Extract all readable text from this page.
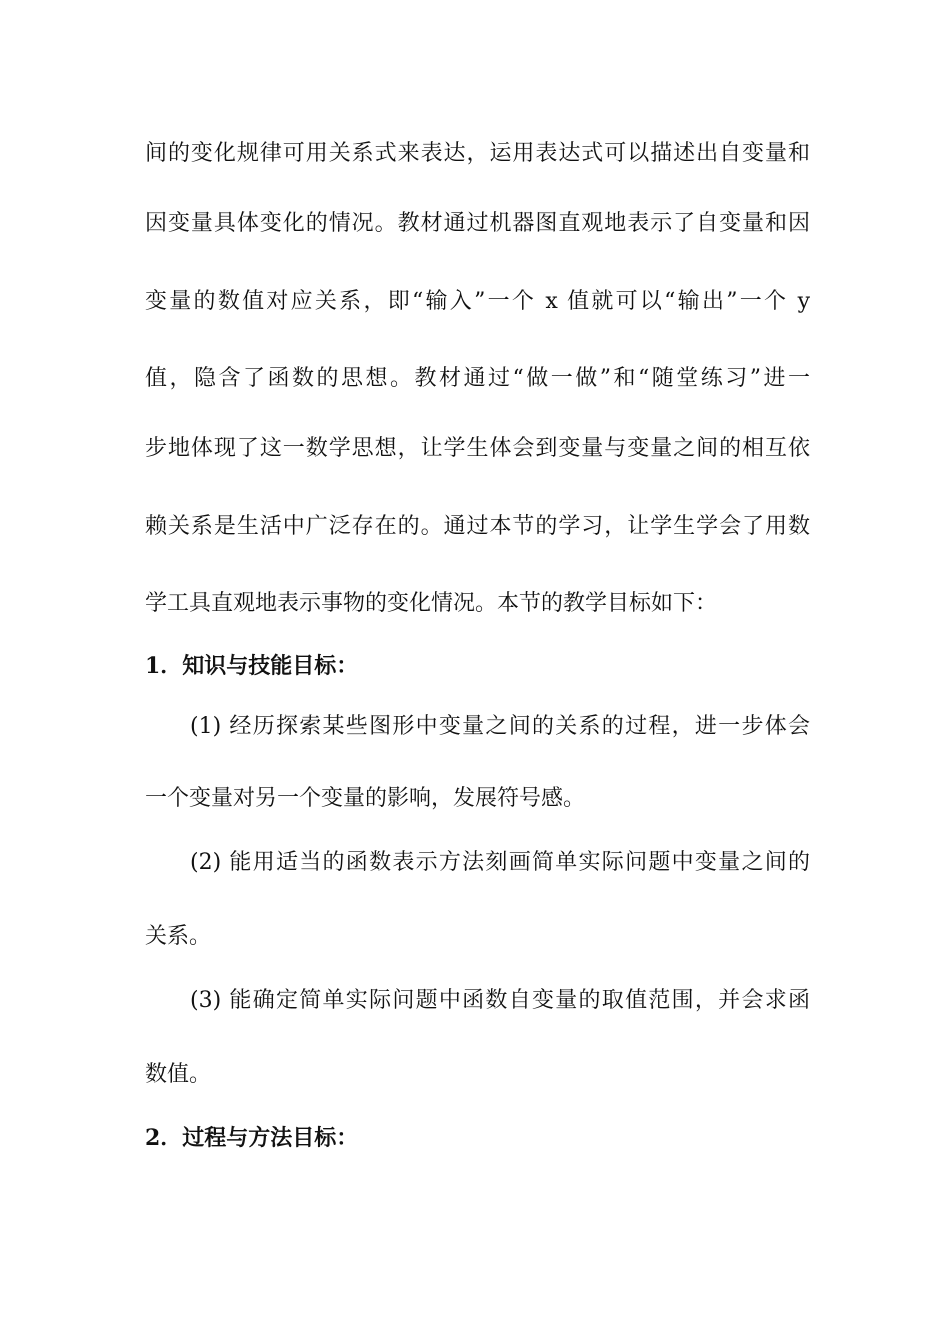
间的变化规律可用关系式来表达，运用表达式可以描述出自变量和
因变量具体变化的情况。教材通过机器图直观地表示了自变量和因
变量的数值对应关系，即“输入”一个 x 值就可以“输出”一个 y
值，隐含了函数的思想。教材通过“做一做”和“随堂练习”进一
步地体现了这一数学思想，让学生体会到变量与变量之间的相互依
赖关系是生活中广泛存在的。通过本节的学习，让学生学会了用数
学工具直观地表示事物的变化情况。本节的教学目标如下：
1．知识与技能目标：
(1) 经历探索某些图形中变量之间的关系的过程，进一步体会
一个变量对另一个变量的影响，发展符号感。
(2) 能用适当的函数表示方法刻画简单实际问题中变量之间的
关系。
(3) 能确定简单实际问题中函数自变量的取值范围，并会求函
数值。
2．过程与方法目标：
